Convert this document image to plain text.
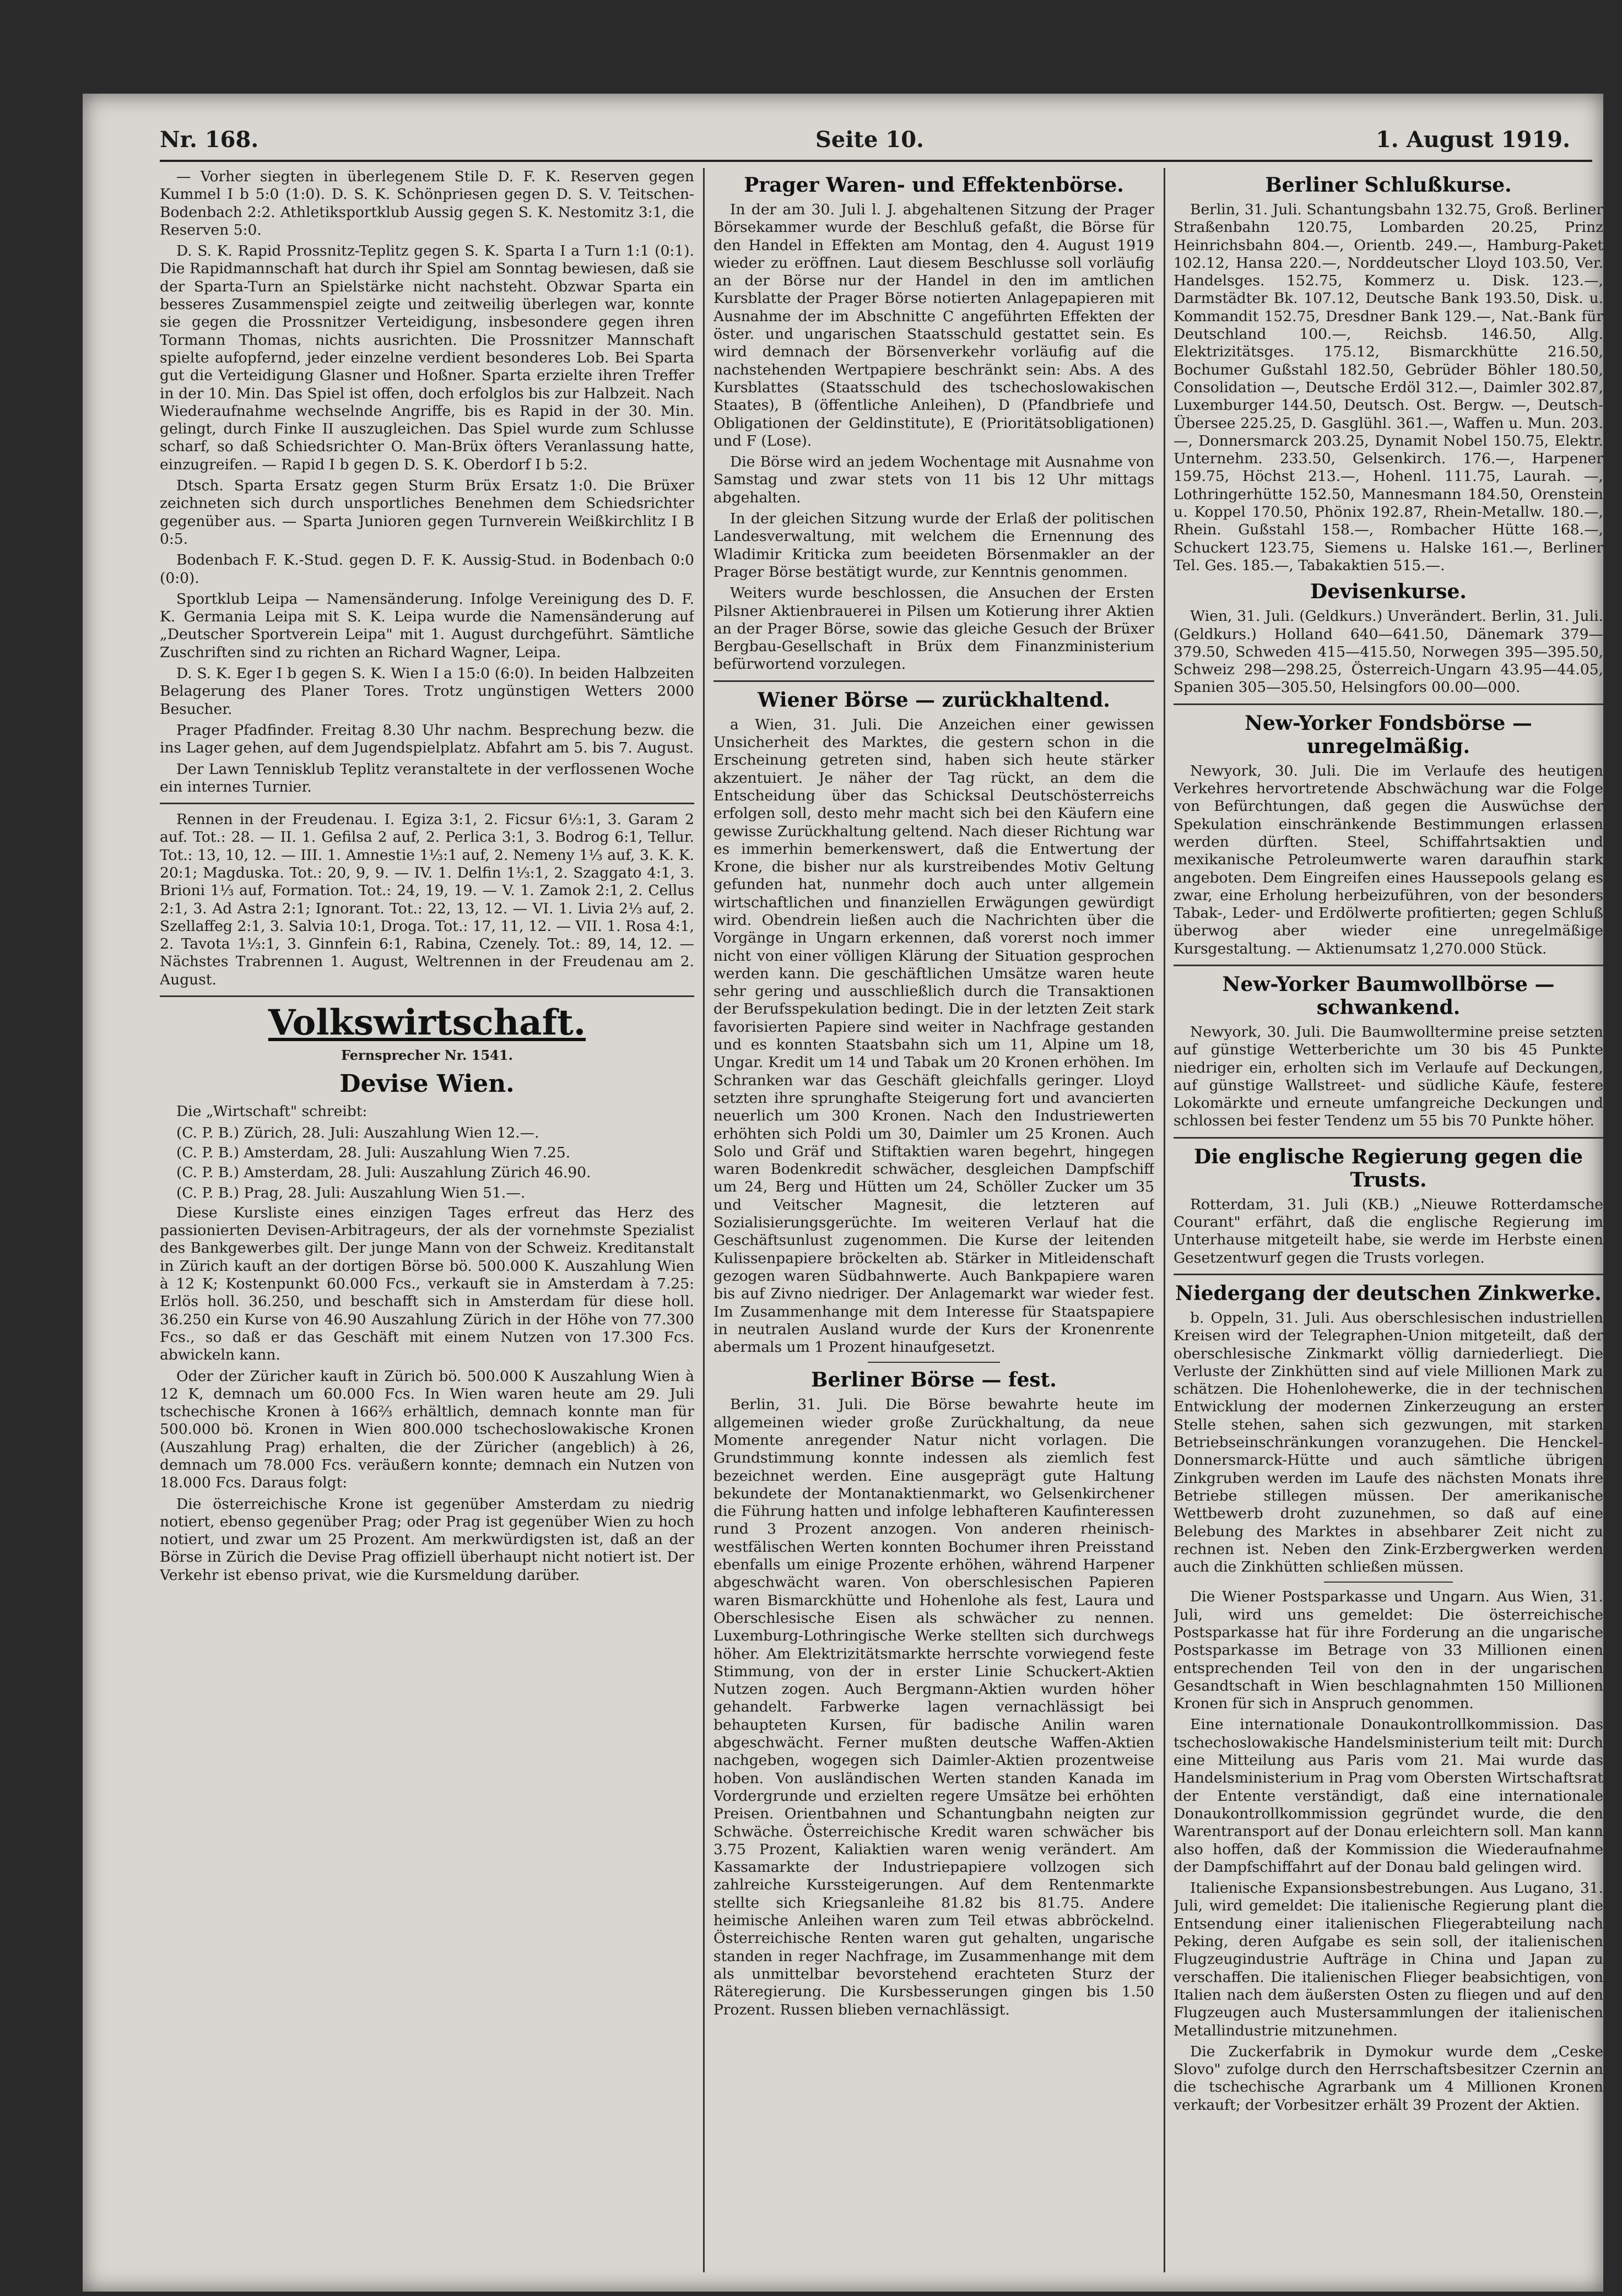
Nr. 168.	Seite 10.	1. August 1919.

— Vorher siegten in überlegenem Stile D. F. K. Reserven gegen Kummel I b 5:0 (1:0). D. S. K. Schönpriesen gegen D. S. V. Teitschen-Bodenbach 2:2. Athletiksportklub Aussig gegen S. K. Nestomitz 3:1, die Reserven 5:0.

D. S. K. Rapid Prossnitz-Teplitz gegen S. K. Sparta I a Turn 1:1 (0:1). Die Rapidmannschaft hat durch ihr Spiel am Sonntag bewiesen, daß sie der Sparta-Turn an Spielstärke nicht nachsteht. Obzwar Sparta ein besseres Zusammenspiel zeigte und zeitweilig überlegen war, konnte sie gegen die Prossnitzer Verteidigung, insbesondere gegen ihren Tormann Thomas, nichts ausrichten. Die Prossnitzer Mannschaft spielte aufopfernd, jeder einzelne verdient besonderes Lob. Bei Sparta gut die Verteidigung Glasner und Hoßner. Sparta erzielte ihren Treffer in der 10. Min. Das Spiel ist offen, doch erfolglos bis zur Halbzeit. Nach Wiederaufnahme wechselnde Angriffe, bis es Rapid in der 30. Min. gelingt, durch Finke II auszugleichen. Das Spiel wurde zum Schlusse scharf, so daß Schiedsrichter O. Man-Brüx öfters Veranlassung hatte, einzugreifen. — Rapid I b gegen D. S. K. Oberdorf I b 5:2.

Dtsch. Sparta Ersatz gegen Sturm Brüx Ersatz 1:0. Die Brüxer zeichneten sich durch unsportliches Benehmen dem Schiedsrichter gegenüber aus. — Sparta Junioren gegen Turnverein Weißkirchlitz I B 0:5.

Bodenbach F. K.-Stud. gegen D. F. K. Aussig-Stud. in Bodenbach 0:0 (0:0).

Sportklub Leipa — Namensänderung. Infolge Vereinigung des D. F. K. Germania Leipa mit S. K. Leipa wurde die Namensänderung auf „Deutscher Sportverein Leipa" mit 1. August durchgeführt. Sämtliche Zuschriften sind zu richten an Richard Wagner, Leipa.

D. S. K. Eger I b gegen S. K. Wien I a 15:0 (6:0). In beiden Halbzeiten Belagerung des Planer Tores. Trotz ungünstigen Wetters 2000 Besucher.

Prager Pfadfinder. Freitag 8.30 Uhr nachm. Besprechung bezw. die ins Lager gehen, auf dem Jugendspielplatz. Abfahrt am 5. bis 7. August.

Der Lawn Tennisklub Teplitz veranstaltete in der verflossenen Woche ein internes Turnier.

Rennen in der Freudenau. I. Egiza 3:1, 2. Ficsur 6⅓:1, 3. Garam 2 auf. Tot.: 28. — II. 1. Gefilsa 2 auf, 2. Perlica 3:1, 3. Bodrog 6:1, Tellur. Tot.: 13, 10, 12. — III. 1. Amnestie 1⅓:1 auf, 2. Nemeny 1⅓ auf, 3. K. K. 20:1; Magduska. Tot.: 20, 9, 9. — IV. 1. Delfin 1⅓:1, 2. Szaggato 4:1, 3. Brioni 1⅓ auf, Formation. Tot.: 24, 19, 19. — V. 1. Zamok 2:1, 2. Cellus 2:1, 3. Ad Astra 2:1; Ignorant. Tot.: 22, 13, 12. — VI. 1. Livia 2⅓ auf, 2. Szellaffeg 2:1, 3. Salvia 10:1, Droga. Tot.: 17, 11, 12. — VII. 1. Rosa 4:1, 2. Tavota 1⅓:1, 3. Ginnfein 6:1, Rabina, Czenely. Tot.: 89, 14, 12. — Nächstes Trabrennen 1. August, Weltrennen in der Freudenau am 2. August.

Volkswirtschaft.
Fernsprecher Nr. 1541.
Devise Wien.

Die „Wirtschaft" schreibt:

(C. P. B.) Zürich, 28. Juli: Auszahlung Wien 12.—.

(C. P. B.) Amsterdam, 28. Juli: Auszahlung Wien 7.25.

(C. P. B.) Amsterdam, 28. Juli: Auszahlung Zürich 46.90.

(C. P. B.) Prag, 28. Juli: Auszahlung Wien 51.—.

Diese Kursliste eines einzigen Tages erfreut das Herz des passionierten Devisen-Arbitrageurs, der als der vornehmste Spezialist des Bankgewerbes gilt. Der junge Mann von der Schweiz. Kreditanstalt in Zürich kauft an der dortigen Börse bö. 500.000 K. Auszahlung Wien à 12 K; Kostenpunkt 60.000 Fcs., verkauft sie in Amsterdam à 7.25: Erlös holl. 36.250, und beschafft sich in Amsterdam für diese holl. 36.250 ein Kurse von 46.90 Auszahlung Zürich in der Höhe von 77.300 Fcs., so daß er das Geschäft mit einem Nutzen von 17.300 Fcs. abwickeln kann.

Oder der Züricher kauft in Zürich bö. 500.000 K Auszahlung Wien à 12 K, demnach um 60.000 Fcs. In Wien waren heute am 29. Juli tschechische Kronen à 166⅔ erhältlich, demnach konnte man für 500.000 bö. Kronen in Wien 800.000 tschechoslowakische Kronen (Auszahlung Prag) erhalten, die der Züricher (angeblich) à 26, demnach um 78.000 Fcs. veräußern konnte; demnach ein Nutzen von 18.000 Fcs. Daraus folgt:

Die österreichische Krone ist gegenüber Amsterdam zu niedrig notiert, ebenso gegenüber Prag; oder Prag ist gegenüber Wien zu hoch notiert, und zwar um 25 Prozent. Am merkwürdigsten ist, daß an der Börse in Zürich die Devise Prag offiziell überhaupt nicht notiert ist. Der Verkehr ist ebenso privat, wie die Kursmeldung darüber.

Prager Waren- und Effektenbörse.

In der am 30. Juli l. J. abgehaltenen Sitzung der Prager Börsekammer wurde der Beschluß gefaßt, die Börse für den Handel in Effekten am Montag, den 4. August 1919 wieder zu eröffnen. Laut diesem Beschlusse soll vorläufig an der Börse nur der Handel in den im amtlichen Kursblatte der Prager Börse notierten Anlagepapieren mit Ausnahme der im Abschnitte C angeführten Effekten der öster. und ungarischen Staatsschuld gestattet sein. Es wird demnach der Börsenverkehr vorläufig auf die nachstehenden Wertpapiere beschränkt sein: Abs. A des Kursblattes (Staatsschuld des tschechoslowakischen Staates), B (öffentliche Anleihen), D (Pfandbriefe und Obligationen der Geldinstitute), E (Prioritätsobligationen) und F (Lose).

Die Börse wird an jedem Wochentage mit Ausnahme von Samstag und zwar stets von 11 bis 12 Uhr mittags abgehalten.

In der gleichen Sitzung wurde der Erlaß der politischen Landesverwaltung, mit welchem die Ernennung des Wladimir Kriticka zum beeideten Börsenmakler an der Prager Börse bestätigt wurde, zur Kenntnis genommen.

Weiters wurde beschlossen, die Ansuchen der Ersten Pilsner Aktienbrauerei in Pilsen um Kotierung ihrer Aktien an der Prager Börse, sowie das gleiche Gesuch der Brüxer Bergbau-Gesellschaft in Brüx dem Finanzministerium befürwortend vorzulegen.

Wiener Börse — zurückhaltend.

a Wien, 31. Juli. Die Anzeichen einer gewissen Unsicherheit des Marktes, die gestern schon in die Erscheinung getreten sind, haben sich heute stärker akzentuiert. Je näher der Tag rückt, an dem die Entscheidung über das Schicksal Deutschösterreichs erfolgen soll, desto mehr macht sich bei den Käufern eine gewisse Zurückhaltung geltend. Nach dieser Richtung war es immerhin bemerkenswert, daß die Entwertung der Krone, die bisher nur als kurstreibendes Motiv Geltung gefunden hat, nunmehr doch auch unter allgemein wirtschaftlichen und finanziellen Erwägungen gewürdigt wird. Obendrein ließen auch die Nachrichten über die Vorgänge in Ungarn erkennen, daß vorerst noch immer nicht von einer völligen Klärung der Situation gesprochen werden kann. Die geschäftlichen Umsätze waren heute sehr gering und ausschließlich durch die Transaktionen der Berufsspekulation bedingt. Die in der letzten Zeit stark favorisierten Papiere sind weiter in Nachfrage gestanden und es konnten Staatsbahn sich um 11, Alpine um 18, Ungar. Kredit um 14 und Tabak um 20 Kronen erhöhen. Im Schranken war das Geschäft gleichfalls geringer. Lloyd setzten ihre sprunghafte Steigerung fort und avancierten neuerlich um 300 Kronen. Nach den Industriewerten erhöhten sich Poldi um 30, Daimler um 25 Kronen. Auch Solo und Gräf und Stiftaktien waren begehrt, hingegen waren Bodenkredit schwächer, desgleichen Dampfschiff um 24, Berg und Hütten um 24, Schöller Zucker um 35 und Veitscher Magnesit, die letzteren auf Sozialisierungsgerüchte. Im weiteren Verlauf hat die Geschäftsunlust zugenommen. Die Kurse der leitenden Kulissenpapiere bröckelten ab. Stärker in Mitleidenschaft gezogen waren Südbahnwerte. Auch Bankpapiere waren bis auf Zivno niedriger. Der Anlagemarkt war wieder fest. Im Zusammenhange mit dem Interesse für Staatspapiere in neutralen Ausland wurde der Kurs der Kronenrente abermals um 1 Prozent hinaufgesetzt.

Berliner Börse — fest.

Berlin, 31. Juli. Die Börse bewahrte heute im allgemeinen wieder große Zurückhaltung, da neue Momente anregender Natur nicht vorlagen. Die Grundstimmung konnte indessen als ziemlich fest bezeichnet werden. Eine ausgeprägt gute Haltung bekundete der Montanaktienmarkt, wo Gelsenkirchener die Führung hatten und infolge lebhafteren Kaufinteressen rund 3 Prozent anzogen. Von anderen rheinisch-westfälischen Werten konnten Bochumer ihren Preisstand ebenfalls um einige Prozente erhöhen, während Harpener abgeschwächt waren. Von oberschlesischen Papieren waren Bismarckhütte und Hohenlohe als fest, Laura und Oberschlesische Eisen als schwächer zu nennen. Luxemburg-Lothringische Werke stellten sich durchwegs höher. Am Elektrizitätsmarkte herrschte vorwiegend feste Stimmung, von der in erster Linie Schuckert-Aktien Nutzen zogen. Auch Bergmann-Aktien wurden höher gehandelt. Farbwerke lagen vernachlässigt bei behaupteten Kursen, für badische Anilin waren abgeschwächt. Ferner mußten deutsche Waffen-Aktien nachgeben, wogegen sich Daimler-Aktien prozentweise hoben. Von ausländischen Werten standen Kanada im Vordergrunde und erzielten regere Umsätze bei erhöhten Preisen. Orientbahnen und Schantungbahn neigten zur Schwäche. Österreichische Kredit waren schwächer bis 3.75 Prozent, Kaliaktien waren wenig verändert. Am Kassamarkte der Industriepapiere vollzogen sich zahlreiche Kurssteigerungen. Auf dem Rentenmarkte stellte sich Kriegsanleihe 81.82 bis 81.75. Andere heimische Anleihen waren zum Teil etwas abbröckelnd. Österreichische Renten waren gut gehalten, ungarische standen in reger Nachfrage, im Zusammenhange mit dem als unmittelbar bevorstehend erachteten Sturz der Räteregierung. Die Kursbesserungen gingen bis 1.50 Prozent. Russen blieben vernachlässigt.

Berliner Schlußkurse.

Berlin, 31. Juli. Schantungsbahn 132.75, Groß. Berliner Straßenbahn 120.75, Lombarden 20.25, Prinz Heinrichsbahn 804.—, Orientb. 249.—, Hamburg-Paket 102.12, Hansa 220.—, Norddeutscher Lloyd 103.50, Ver. Handelsges. 152.75, Kommerz u. Disk. 123.—, Darmstädter Bk. 107.12, Deutsche Bank 193.50, Disk. u. Kommandit 152.75, Dresdner Bank 129.—, Nat.-Bank für Deutschland 100.—, Reichsb. 146.50, Allg. Elektrizitätsges. 175.12, Bismarckhütte 216.50, Bochumer Gußstahl 182.50, Gebrüder Böhler 180.50, Consolidation —, Deutsche Erdöl 312.—, Daimler 302.87, Luxemburger 144.50, Deutsch. Ost. Bergw. —, Deutsch-Übersee 225.25, D. Gasglühl. 361.—, Waffen u. Mun. 203.—, Donnersmarck 203.25, Dynamit Nobel 150.75, Elektr. Unternehm. 233.50, Gelsenkirch. 176.—, Harpener 159.75, Höchst 213.—, Hohenl. 111.75, Laurah. —, Lothringerhütte 152.50, Mannesmann 184.50, Orenstein u. Koppel 170.50, Phönix 192.87, Rhein-Metallw. 180.—, Rhein. Gußstahl 158.—, Rombacher Hütte 168.—, Schuckert 123.75, Siemens u. Halske 161.—, Berliner Tel. Ges. 185.—, Tabakaktien 515.—.

Devisenkurse.

Wien, 31. Juli. (Geldkurs.) Unverändert. Berlin, 31. Juli. (Geldkurs.) Holland 640—641.50, Dänemark 379—379.50, Schweden 415—415.50, Norwegen 395—395.50, Schweiz 298—298.25, Österreich-Ungarn 43.95—44.05, Spanien 305—305.50, Helsingfors 00.00—000.

New-Yorker Fondsbörse — unregelmäßig.

Newyork, 30. Juli. Die im Verlaufe des heutigen Verkehres hervortretende Abschwächung war die Folge von Befürchtungen, daß gegen die Auswüchse der Spekulation einschränkende Bestimmungen erlassen werden dürften. Steel, Schiffahrtsaktien und mexikanische Petroleumwerte waren daraufhin stark angeboten. Dem Eingreifen eines Haussepools gelang es zwar, eine Erholung herbeizuführen, von der besonders Tabak-, Leder- und Erdölwerte profitierten; gegen Schluß überwog aber wieder eine unregelmäßige Kursgestaltung. — Aktienumsatz 1,270.000 Stück.

New-Yorker Baumwollbörse — schwankend.

Newyork, 30. Juli. Die Baumwolltermine preise setzten auf günstige Wetterberichte um 30 bis 45 Punkte niedriger ein, erholten sich im Verlaufe auf Deckungen, auf günstige Wallstreet- und südliche Käufe, festere Lokomärkte und erneute umfangreiche Deckungen und schlossen bei fester Tendenz um 55 bis 70 Punkte höher.

Die englische Regierung gegen die Trusts.

Rotterdam, 31. Juli (KB.) „Nieuwe Rotterdamsche Courant" erfährt, daß die englische Regierung im Unterhause mitgeteilt habe, sie werde im Herbste einen Gesetzentwurf gegen die Trusts vorlegen.

Niedergang der deutschen Zinkwerke.

b. Oppeln, 31. Juli. Aus oberschlesischen industriellen Kreisen wird der Telegraphen-Union mitgeteilt, daß der oberschlesische Zinkmarkt völlig darniederliegt. Die Verluste der Zinkhütten sind auf viele Millionen Mark zu schätzen. Die Hohenlohewerke, die in der technischen Entwicklung der modernen Zinkerzeugung an erster Stelle stehen, sahen sich gezwungen, mit starken Betriebseinschränkungen voranzugehen. Die Henckel-Donnersmarck-Hütte und auch sämtliche übrigen Zinkgruben werden im Laufe des nächsten Monats ihre Betriebe stillegen müssen. Der amerikanische Wettbewerb droht zuzunehmen, so daß auf eine Belebung des Marktes in absehbarer Zeit nicht zu rechnen ist. Neben den Zink-Erzbergwerken werden auch die Zinkhütten schließen müssen.

Die Wiener Postsparkasse und Ungarn. Aus Wien, 31. Juli, wird uns gemeldet: Die österreichische Postsparkasse hat für ihre Forderung an die ungarische Postsparkasse im Betrage von 33 Millionen einen entsprechenden Teil von den in der ungarischen Gesandtschaft in Wien beschlagnahmten 150 Millionen Kronen für sich in Anspruch genommen.

Eine internationale Donaukontrollkommission. Das tschechoslowakische Handelsministerium teilt mit: Durch eine Mitteilung aus Paris vom 21. Mai wurde das Handelsministerium in Prag vom Obersten Wirtschaftsrat der Entente verständigt, daß eine internationale Donaukontrollkommission gegründet wurde, die den Warentransport auf der Donau erleichtern soll. Man kann also hoffen, daß der Kommission die Wiederaufnahme der Dampfschiffahrt auf der Donau bald gelingen wird.

Italienische Expansionsbestrebungen. Aus Lugano, 31. Juli, wird gemeldet: Die italienische Regierung plant die Entsendung einer italienischen Fliegerabteilung nach Peking, deren Aufgabe es sein soll, der italienischen Flugzeugindustrie Aufträge in China und Japan zu verschaffen. Die italienischen Flieger beabsichtigen, von Italien nach dem äußersten Osten zu fliegen und auf den Flugzeugen auch Mustersammlungen der italienischen Metallindustrie mitzunehmen.

Die Zuckerfabrik in Dymokur wurde dem „Ceske Slovo" zufolge durch den Herrschaftsbesitzer Czernin an die tschechische Agrarbank um 4 Millionen Kronen verkauft; der Vorbesitzer erhält 39 Prozent der Aktien.
